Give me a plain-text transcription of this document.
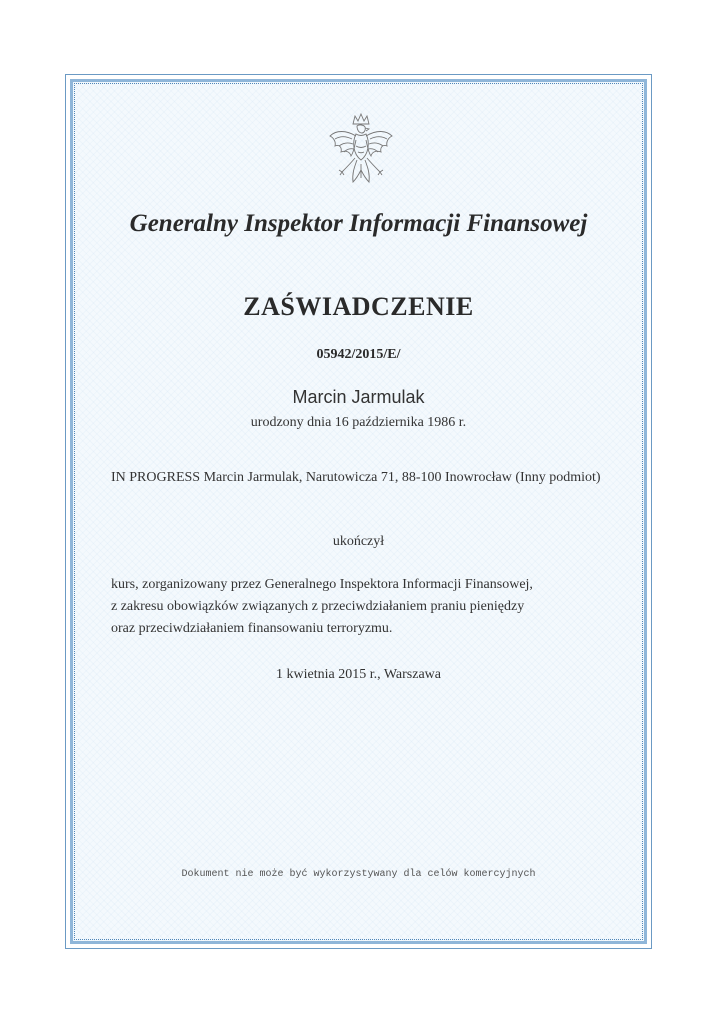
Generalny Inspektor Informacji Finansowej

ZAŚWIADCZENIE

05942/2015/E/

Marcin Jarmulak

urodzony dnia 16 października 1986 r.

IN PROGRESS Marcin Jarmulak, Narutowicza 71, 88-100 Inowrocław (Inny podmiot)

ukończył

kurs, zorganizowany przez Generalnego Inspektora Informacji Finansowej,
z zakresu obowiązków związanych z przeciwdziałaniem praniu pieniędzy
oraz przeciwdziałaniem finansowaniu terroryzmu.

1 kwietnia 2015 r., Warszawa

Dokument nie może być wykorzystywany dla celów komercyjnych
